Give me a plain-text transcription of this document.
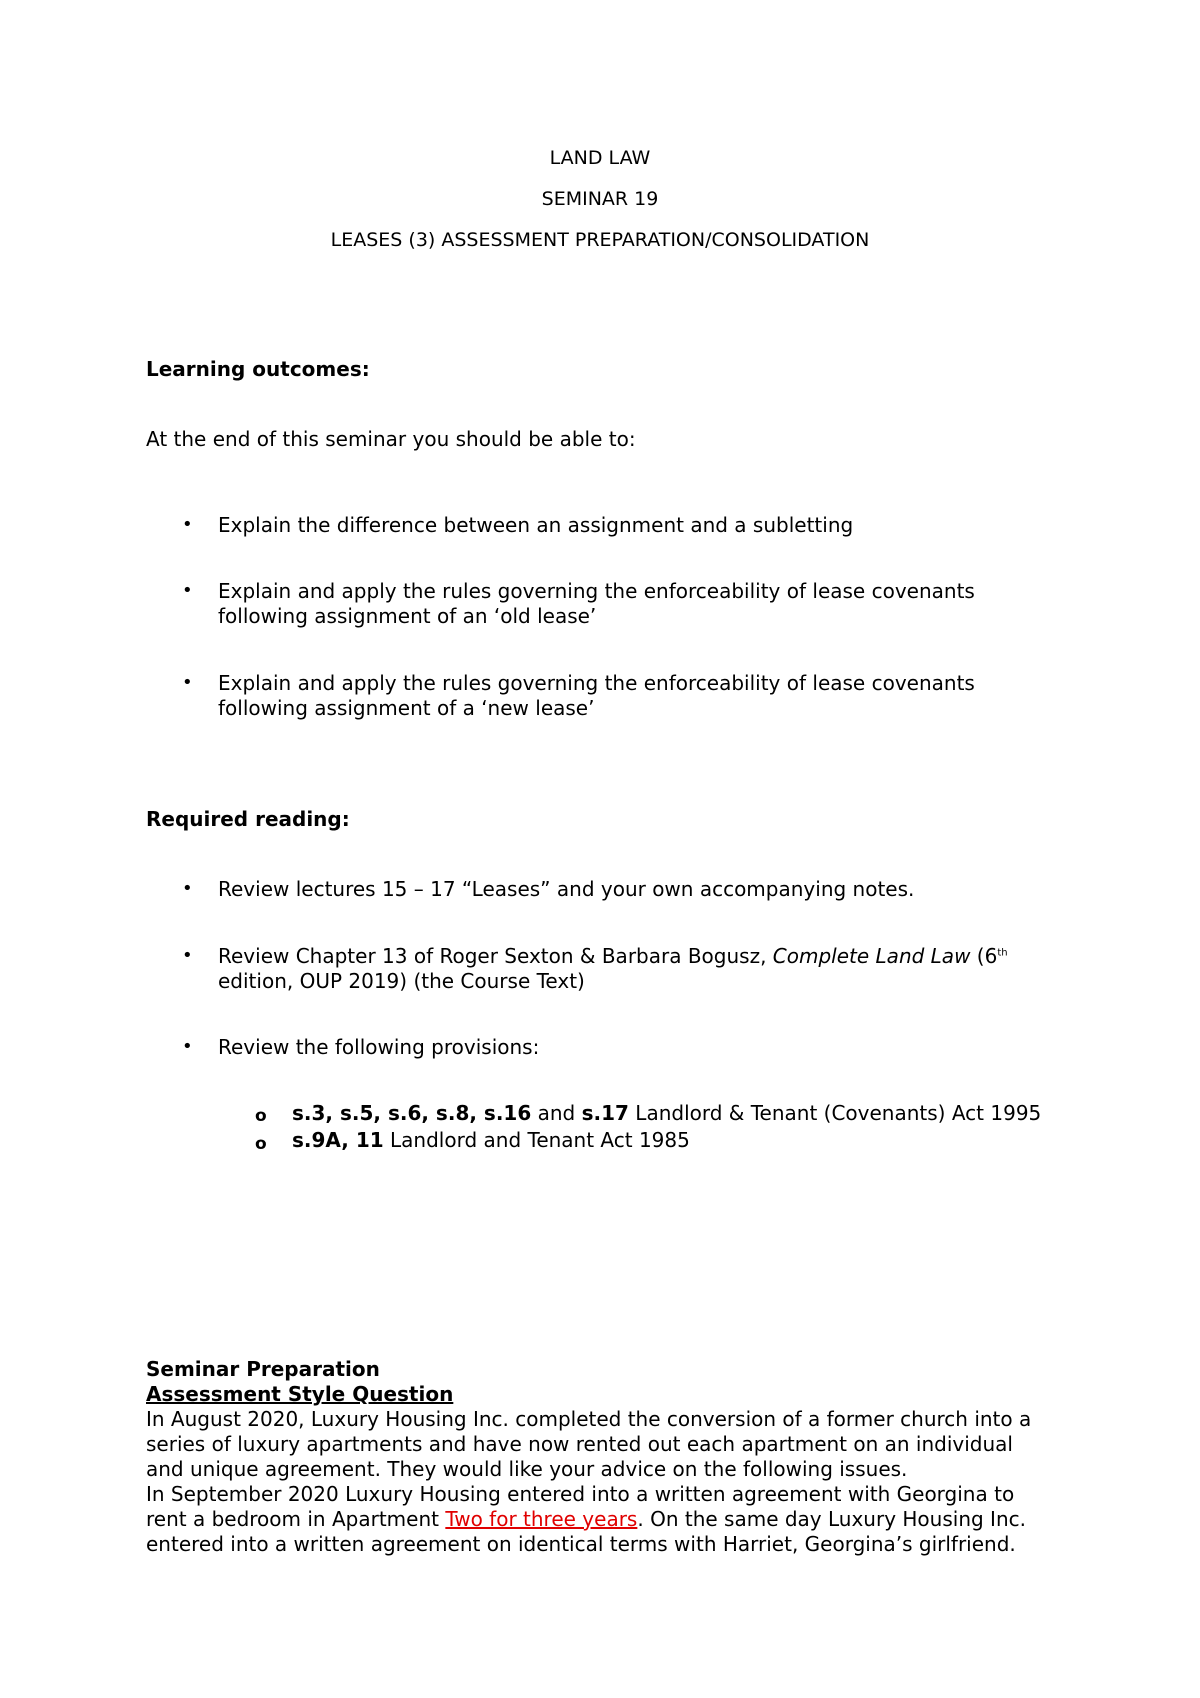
LAND LAW
SEMINAR 19
LEASES (3) ASSESSMENT PREPARATION/CONSOLIDATION
Learning outcomes:
At the end of this seminar you should be able to:
• Explain the difference between an assignment and a subletting
• Explain and apply the rules governing the enforceability of lease covenants
following assignment of an ‘old lease’
• Explain and apply the rules governing the enforceability of lease covenants
following assignment of a ‘new lease’
Required reading:
• Review lectures 15 – 17 “Leases” and your own accompanying notes.
• Review Chapter 13 of Roger Sexton & Barbara Bogusz, Complete Land Law (6th
edition, OUP 2019) (the Course Text)
• Review the following provisions:
o s.3, s.5, s.6, s.8, s.16 and s.17 Landlord & Tenant (Covenants) Act 1995
o s.9A, 11 Landlord and Tenant Act 1985
Seminar Preparation
Assessment Style Question
In August 2020, Luxury Housing Inc. completed the conversion of a former church into a
series of luxury apartments and have now rented out each apartment on an individual
and unique agreement. They would like your advice on the following issues.
In September 2020 Luxury Housing entered into a written agreement with Georgina to
rent a bedroom in Apartment Two for three years. On the same day Luxury Housing Inc.
entered into a written agreement on identical terms with Harriet, Georgina’s girlfriend.
